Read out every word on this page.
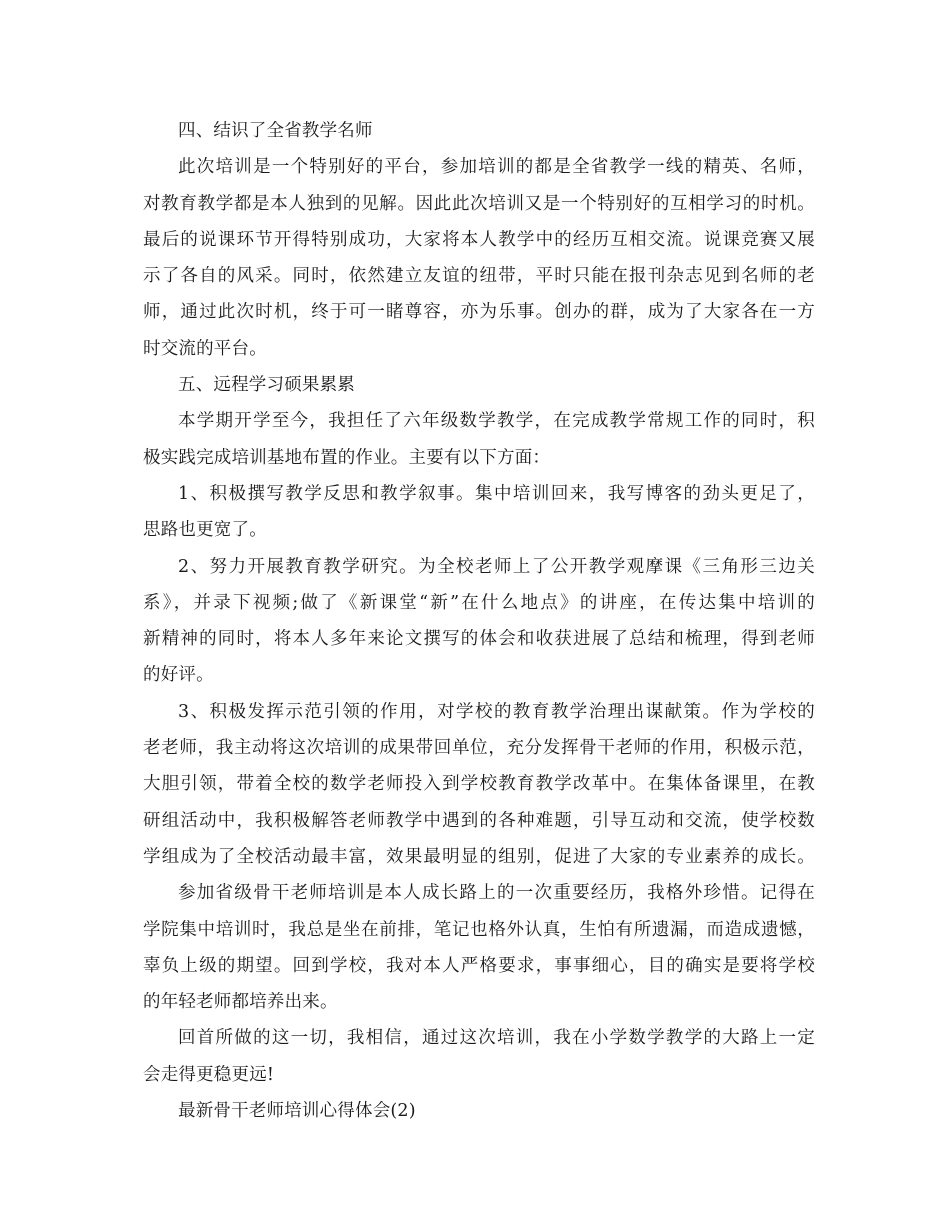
四、结识了全省教学名师
此次培训是一个特别好的平台，参加培训的都是全省教学一线的精英、名师，
对教育教学都是本人独到的见解。因此此次培训又是一个特别好的互相学习的时机。
最后的说课环节开得特别成功，大家将本人教学中的经历互相交流。说课竞赛又展
示了各自的风采。同时，依然建立友谊的纽带，平时只能在报刊杂志见到名师的老
师，通过此次时机，终于可一睹尊容，亦为乐事。创办的群，成为了大家各在一方
时交流的平台。
五、远程学习硕果累累
本学期开学至今，我担任了六年级数学教学，在完成教学常规工作的同时，积
极实践完成培训基地布置的作业。主要有以下方面：
1、积极撰写教学反思和教学叙事。集中培训回来，我写博客的劲头更足了，
思路也更宽了。
2、努力开展教育教学研究。为全校老师上了公开教学观摩课《三角形三边关
系》，并录下视频;做了《新课堂“新”在什么地点》的讲座，在传达集中培训的
新精神的同时，将本人多年来论文撰写的体会和收获进展了总结和梳理，得到老师
的好评。
3、积极发挥示范引领的作用，对学校的教育教学治理出谋献策。作为学校的
老老师，我主动将这次培训的成果带回单位，充分发挥骨干老师的作用，积极示范，
大胆引领，带着全校的数学老师投入到学校教育教学改革中。在集体备课里，在教
研组活动中，我积极解答老师教学中遇到的各种难题，引导互动和交流，使学校数
学组成为了全校活动最丰富，效果最明显的组别，促进了大家的专业素养的成长。
参加省级骨干老师培训是本人成长路上的一次重要经历，我格外珍惜。记得在
学院集中培训时，我总是坐在前排，笔记也格外认真，生怕有所遗漏，而造成遗憾，
辜负上级的期望。回到学校，我对本人严格要求，事事细心，目的确实是要将学校
的年轻老师都培养出来。
回首所做的这一切，我相信，通过这次培训，我在小学数学教学的大路上一定
会走得更稳更远!
最新骨干老师培训心得体会(2)
